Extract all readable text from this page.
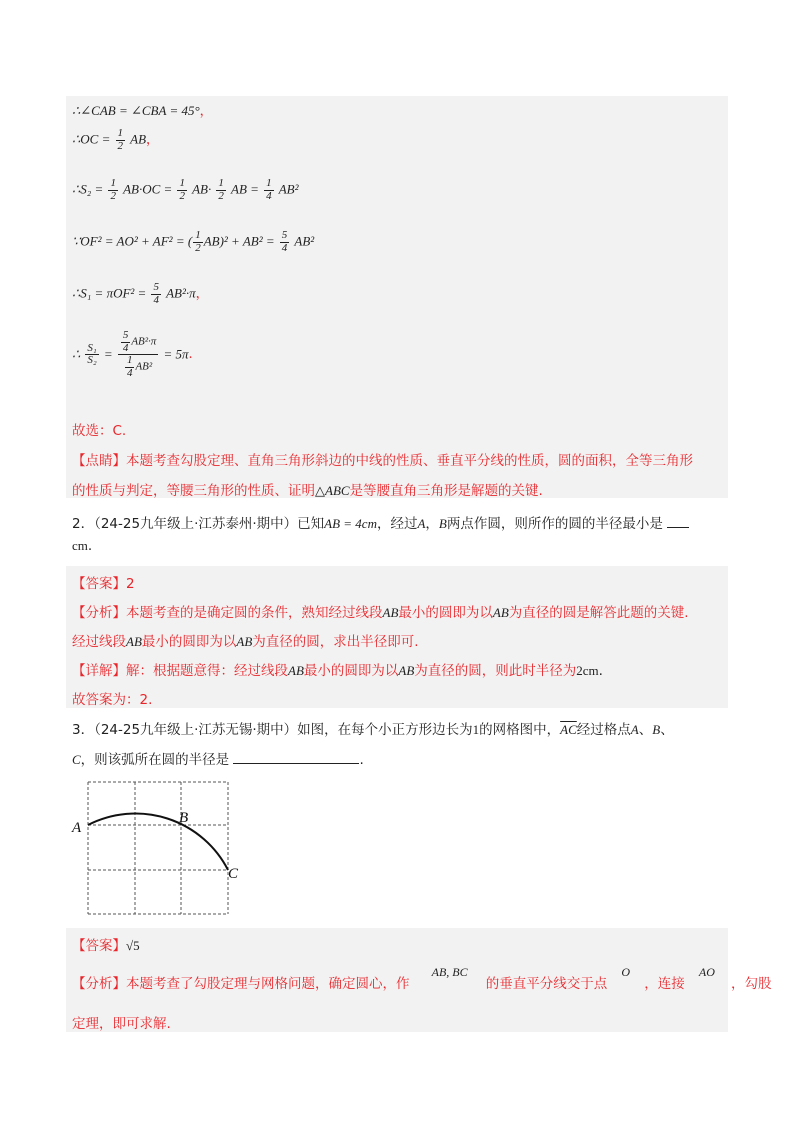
∴∠CAB = ∠CBA = 45°，
∴OC = $\frac{1}{2}$ AB，
∴S₂ = $\frac{1}{2} AB\cdot OC = \frac{1}{2} AB\cdot \frac{1}{2}$ AB = $\frac{1}{4} AB^2$
∵OF² = AO² + AF² = ( $\frac{1}{2} AB)^2 + AB^2 = \frac{5}{4} AB^2$
∴S₁ = $\pi OF^2 = \frac{5}{4} AB^2\cdot\pi$，
∴ $\frac{\text{S₁}}{\text{S₂}} = \frac{\frac{5}{4} AB^2\cdot\pi}{\frac{1}{4} AB^2} = 5\pi$.
故选：C.
【点睛】本题考查勾股定理、直角三角形斜边的中线的性质、垂直平分线的性质，圆的面积，全等三角形
的性质与判定，等腰三角形的性质、证明△ABC是等腰直角三角形是解题的关键.
2．（24-25九年级上·江苏泰州·期中）已知AB = 4cm，经过A，B两点作圆，则所作的圆的半径最小是
cm.
【答案】2
【分析】本题考查的是确定圆的条件，熟知经过线段AB最小的圆即为以AB为直径的圆是解答此题的关键.
经过线段AB最小的圆即为以AB为直径的圆，求出半径即可.
【详解】解：根据题意得：经过线段AB最小的圆即为以AB为直径的圆，则此时半径为2cm.
故答案为：2.
3．（24-25九年级上·江苏无锡·期中）如图，在每个小正方形边长为1的网格图中，$\overline{AC}$经过格点A、B、
C，则该弧所在圆的半径是	.
A
B
C
【答案】√5
【分析】本题考查了勾股定理与网格问题，确定圆心，作 AB, BC 的垂直平分线交于点 O ，连接 AO ，勾股
定理，即可求解.
